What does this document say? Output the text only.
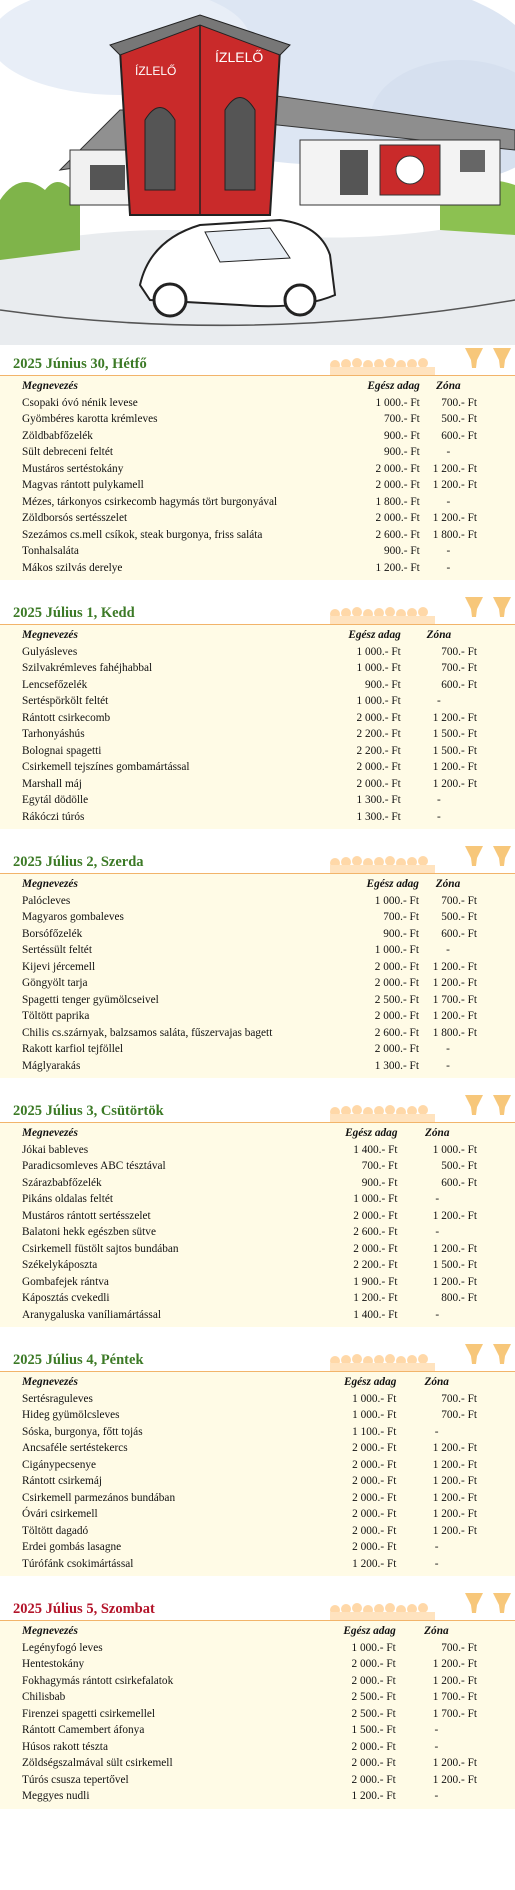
ÍZLELŐ
ÍZLELŐ
2025 Június 30, Hétfő
Megnevezés	Egész adag	Zóna
Csopaki óvó nénik levese	1 000.- Ft	700.- Ft
Gyömbéres karotta krémleves	700.- Ft	500.- Ft
Zöldbabfőzelék	900.- Ft	600.- Ft
Sült debreceni feltét	900.- Ft	-
Mustáros sertéstokány	2 000.- Ft	1 200.- Ft
Magvas rántott pulykamell	2 000.- Ft	1 200.- Ft
Mézes, tárkonyos csirkecomb hagymás tört burgonyával	1 800.- Ft	-
Zöldborsós sertésszelet	2 000.- Ft	1 200.- Ft
Szezámos cs.mell csíkok, steak burgonya, friss saláta	2 600.- Ft	1 800.- Ft
Tonhalsaláta	900.- Ft	-
Mákos szilvás derelye	1 200.- Ft	-
2025 Július 1, Kedd
Megnevezés	Egész adag	Zóna
Gulyásleves	1 000.- Ft	700.- Ft
Szilvakrémleves fahéjhabbal	1 000.- Ft	700.- Ft
Lencsefőzelék	900.- Ft	600.- Ft
Sertéspörkölt feltét	1 000.- Ft	-
Rántott csirkecomb	2 000.- Ft	1 200.- Ft
Tarhonyáshús	2 200.- Ft	1 500.- Ft
Bolognai spagetti	2 200.- Ft	1 500.- Ft
Csirkemell tejszínes gombamártással	2 000.- Ft	1 200.- Ft
Marshall máj	2 000.- Ft	1 200.- Ft
Egytál dödölle	1 300.- Ft	-
Rákóczi túrós	1 300.- Ft	-
2025 Július 2, Szerda
Megnevezés	Egész adag	Zóna
Palócleves	1 000.- Ft	700.- Ft
Magyaros gombaleves	700.- Ft	500.- Ft
Borsófőzelék	900.- Ft	600.- Ft
Sertéssült feltét	1 000.- Ft	-
Kijevi jércemell	2 000.- Ft	1 200.- Ft
Göngyölt tarja	2 000.- Ft	1 200.- Ft
Spagetti tenger gyümölcseivel	2 500.- Ft	1 700.- Ft
Töltött paprika	2 000.- Ft	1 200.- Ft
Chilis cs.szárnyak, balzsamos saláta, fűszervajas bagett	2 600.- Ft	1 800.- Ft
Rakott karfiol tejföllel	2 000.- Ft	-
Máglyarakás	1 300.- Ft	-
2025 Július 3, Csütörtök
Megnevezés	Egész adag	Zóna
Jókai bableves	1 400.- Ft	1 000.- Ft
Paradicsomleves ABC tésztával	700.- Ft	500.- Ft
Szárazbabfőzelék	900.- Ft	600.- Ft
Pikáns oldalas feltét	1 000.- Ft	-
Mustáros rántott sertésszelet	2 000.- Ft	1 200.- Ft
Balatoni hekk egészben sütve	2 600.- Ft	-
Csirkemell füstölt sajtos bundában	2 000.- Ft	1 200.- Ft
Székelykáposzta	2 200.- Ft	1 500.- Ft
Gombafejek rántva	1 900.- Ft	1 200.- Ft
Káposztás cvekedli	1 200.- Ft	800.- Ft
Aranygaluska vaníliamártással	1 400.- Ft	-
2025 Július 4, Péntek
Megnevezés	Egész adag	Zóna
Sertésraguleves	1 000.- Ft	700.- Ft
Hideg gyümölcsleves	1 000.- Ft	700.- Ft
Sóska, burgonya, főtt tojás	1 100.- Ft	-
Ancsaféle sertéstekercs	2 000.- Ft	1 200.- Ft
Cigánypecsenye	2 000.- Ft	1 200.- Ft
Rántott csirkemáj	2 000.- Ft	1 200.- Ft
Csirkemell parmezános bundában	2 000.- Ft	1 200.- Ft
Óvári csirkemell	2 000.- Ft	1 200.- Ft
Töltött dagadó	2 000.- Ft	1 200.- Ft
Erdei gombás lasagne	2 000.- Ft	-
Túrófánk csokimártással	1 200.- Ft	-
2025 Július 5, Szombat
Megnevezés	Egész adag	Zóna
Legényfogó leves	1 000.- Ft	700.- Ft
Hentestokány	2 000.- Ft	1 200.- Ft
Fokhagymás rántott csirkefalatok	2 000.- Ft	1 200.- Ft
Chilisbab	2 500.- Ft	1 700.- Ft
Firenzei spagetti csirkemellel	2 500.- Ft	1 700.- Ft
Rántott Camembert áfonya	1 500.- Ft	-
Húsos rakott tészta	2 000.- Ft	-
Zöldségszalmával sült csirkemell	2 000.- Ft	1 200.- Ft
Túrós csusza tepertővel	2 000.- Ft	1 200.- Ft
Meggyes nudli	1 200.- Ft	-
